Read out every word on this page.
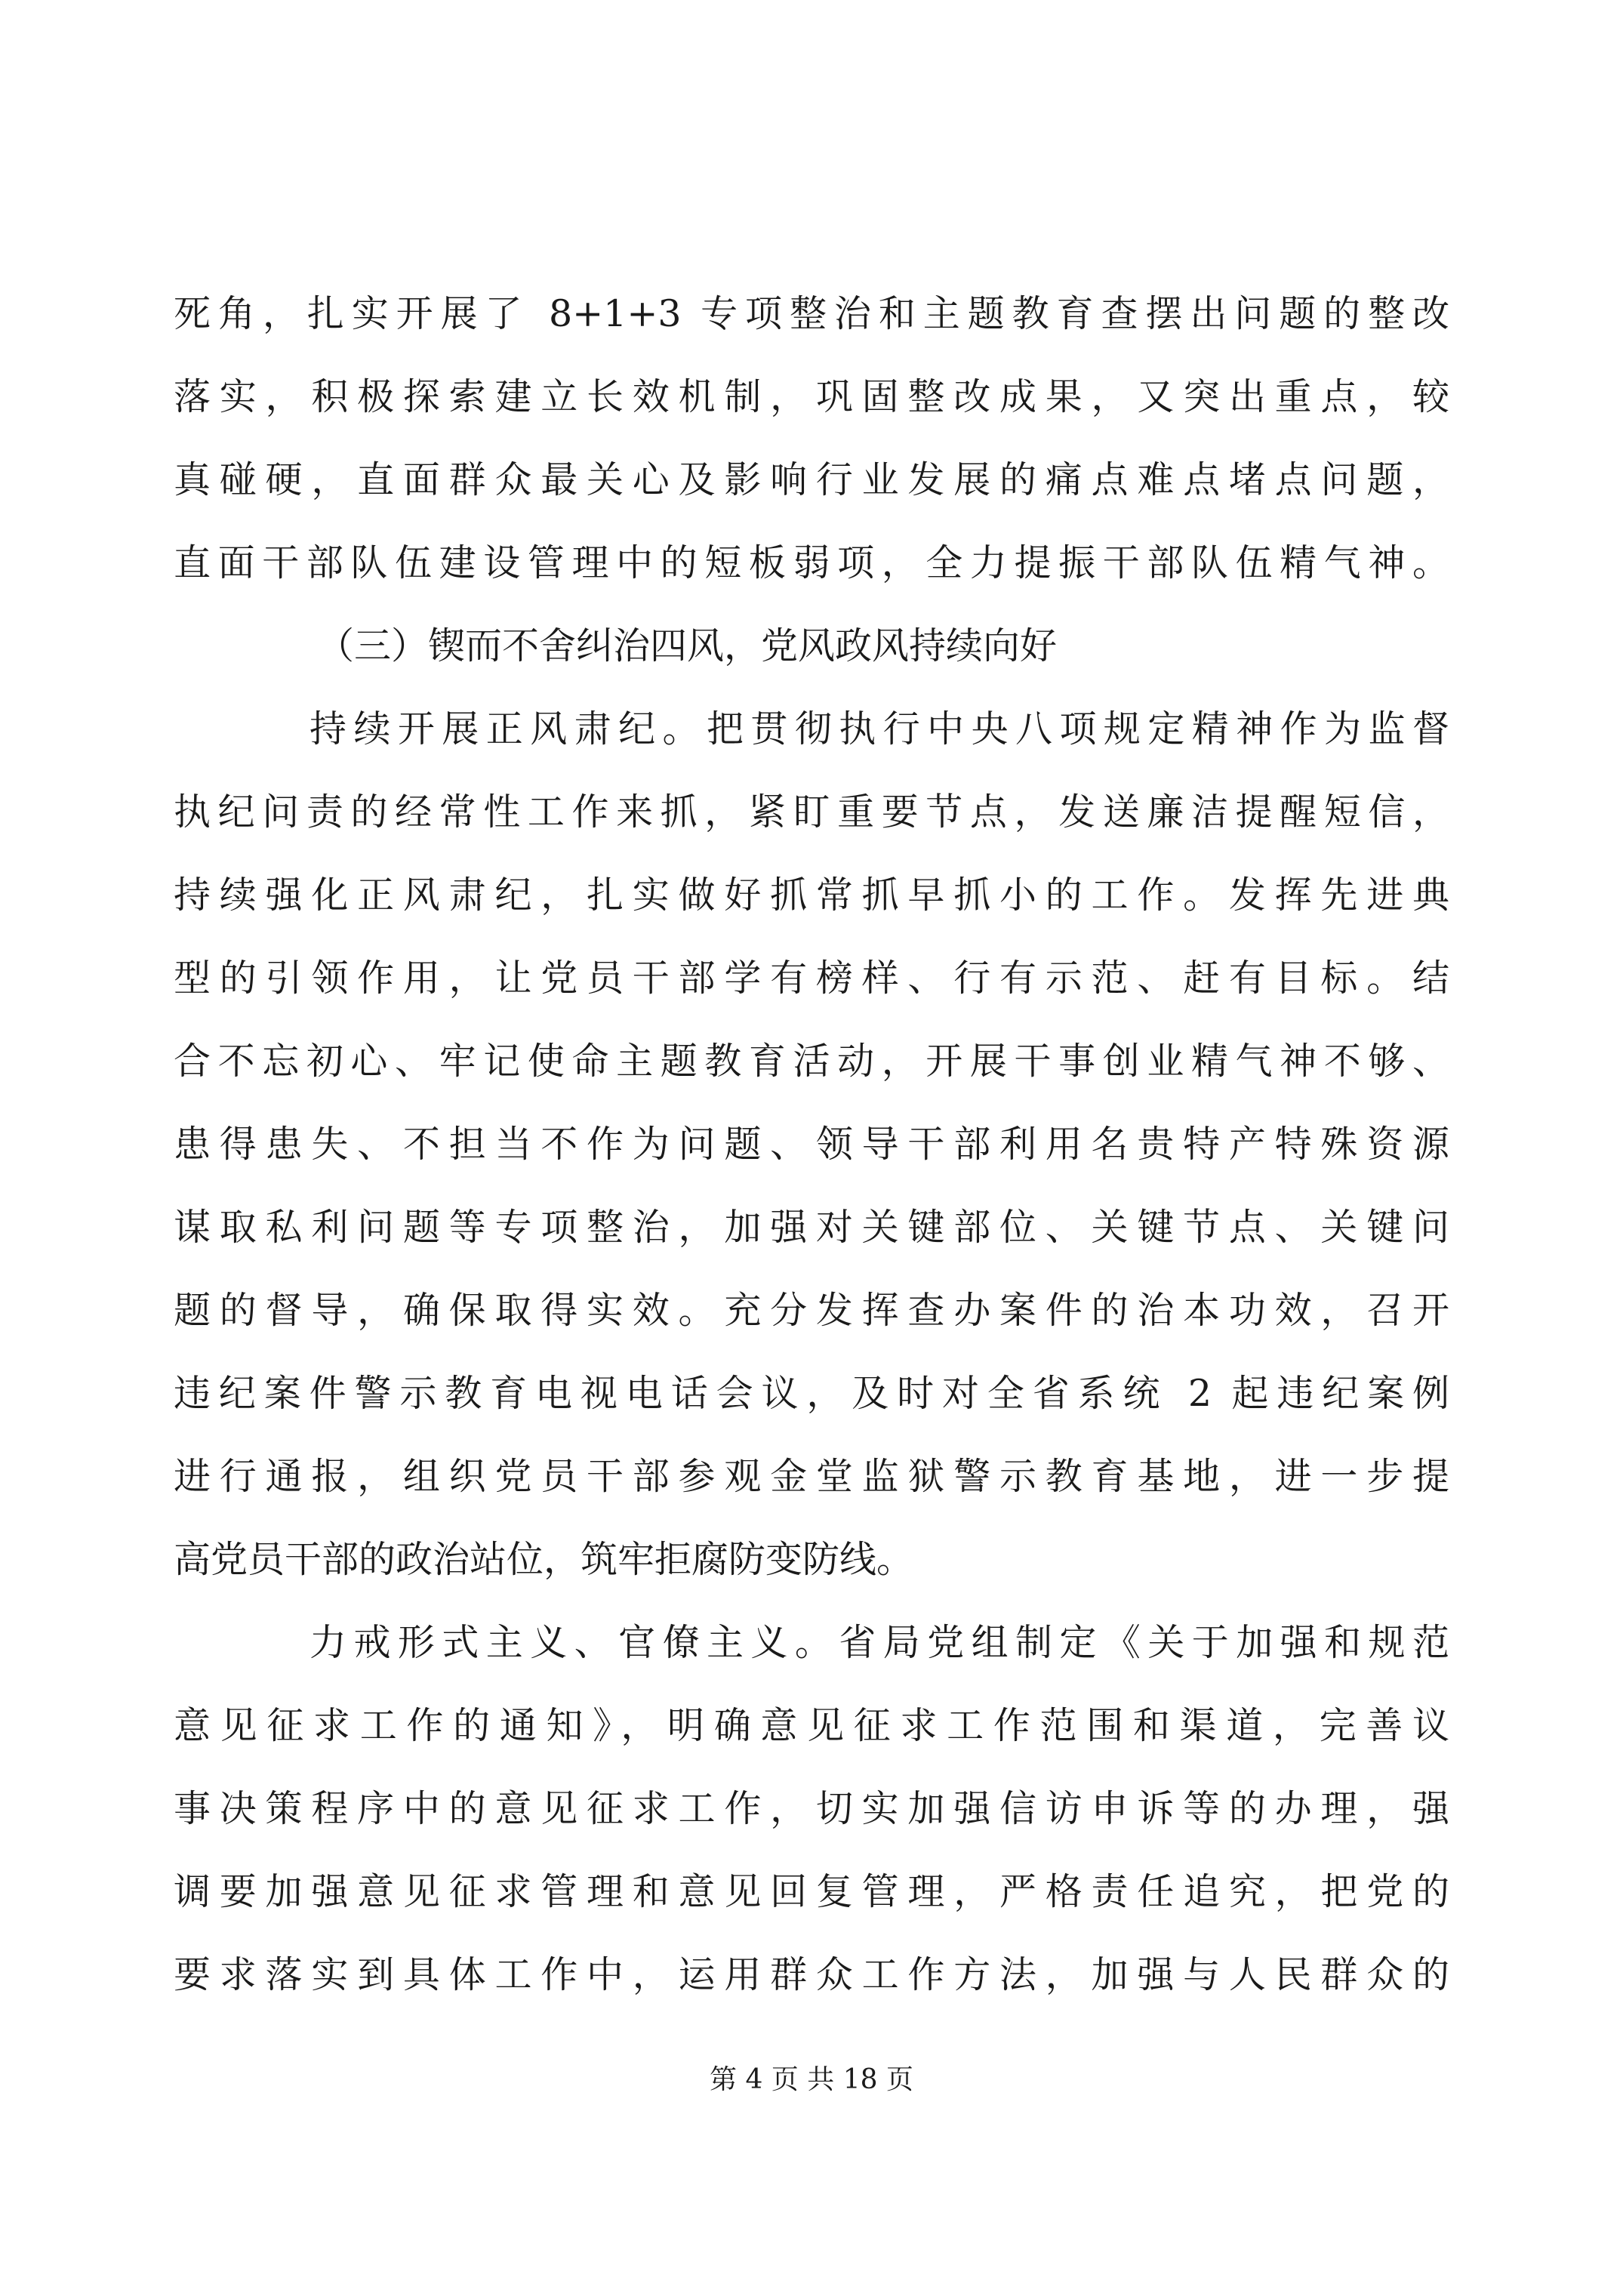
死角，扎实开展了 8+1+3 专项整治和主题教育查摆出问题的整改
落实，积极探索建立长效机制，巩固整改成果，又突出重点，较
真碰硬，直面群众最关心及影响行业发展的痛点难点堵点问题，
直面干部队伍建设管理中的短板弱项，全力提振干部队伍精气神。
（三）锲而不舍纠治四风，党风政风持续向好
持续开展正风肃纪。把贯彻执行中央八项规定精神作为监督
执纪问责的经常性工作来抓，紧盯重要节点，发送廉洁提醒短信，
持续强化正风肃纪，扎实做好抓常抓早抓小的工作。发挥先进典
型的引领作用，让党员干部学有榜样、行有示范、赶有目标。结
合不忘初心、牢记使命主题教育活动，开展干事创业精气神不够、
患得患失、不担当不作为问题、领导干部利用名贵特产特殊资源
谋取私利问题等专项整治，加强对关键部位、关键节点、关键问
题的督导，确保取得实效。充分发挥查办案件的治本功效，召开
违纪案件警示教育电视电话会议，及时对全省系统 2 起违纪案例
进行通报，组织党员干部参观金堂监狱警示教育基地，进一步提
高党员干部的政治站位，筑牢拒腐防变防线。
力戒形式主义、官僚主义。省局党组制定《关于加强和规范
意见征求工作的通知》，明确意见征求工作范围和渠道，完善议
事决策程序中的意见征求工作，切实加强信访申诉等的办理，强
调要加强意见征求管理和意见回复管理，严格责任追究，把党的
要求落实到具体工作中，运用群众工作方法，加强与人民群众的
第 4 页 共 18 页
